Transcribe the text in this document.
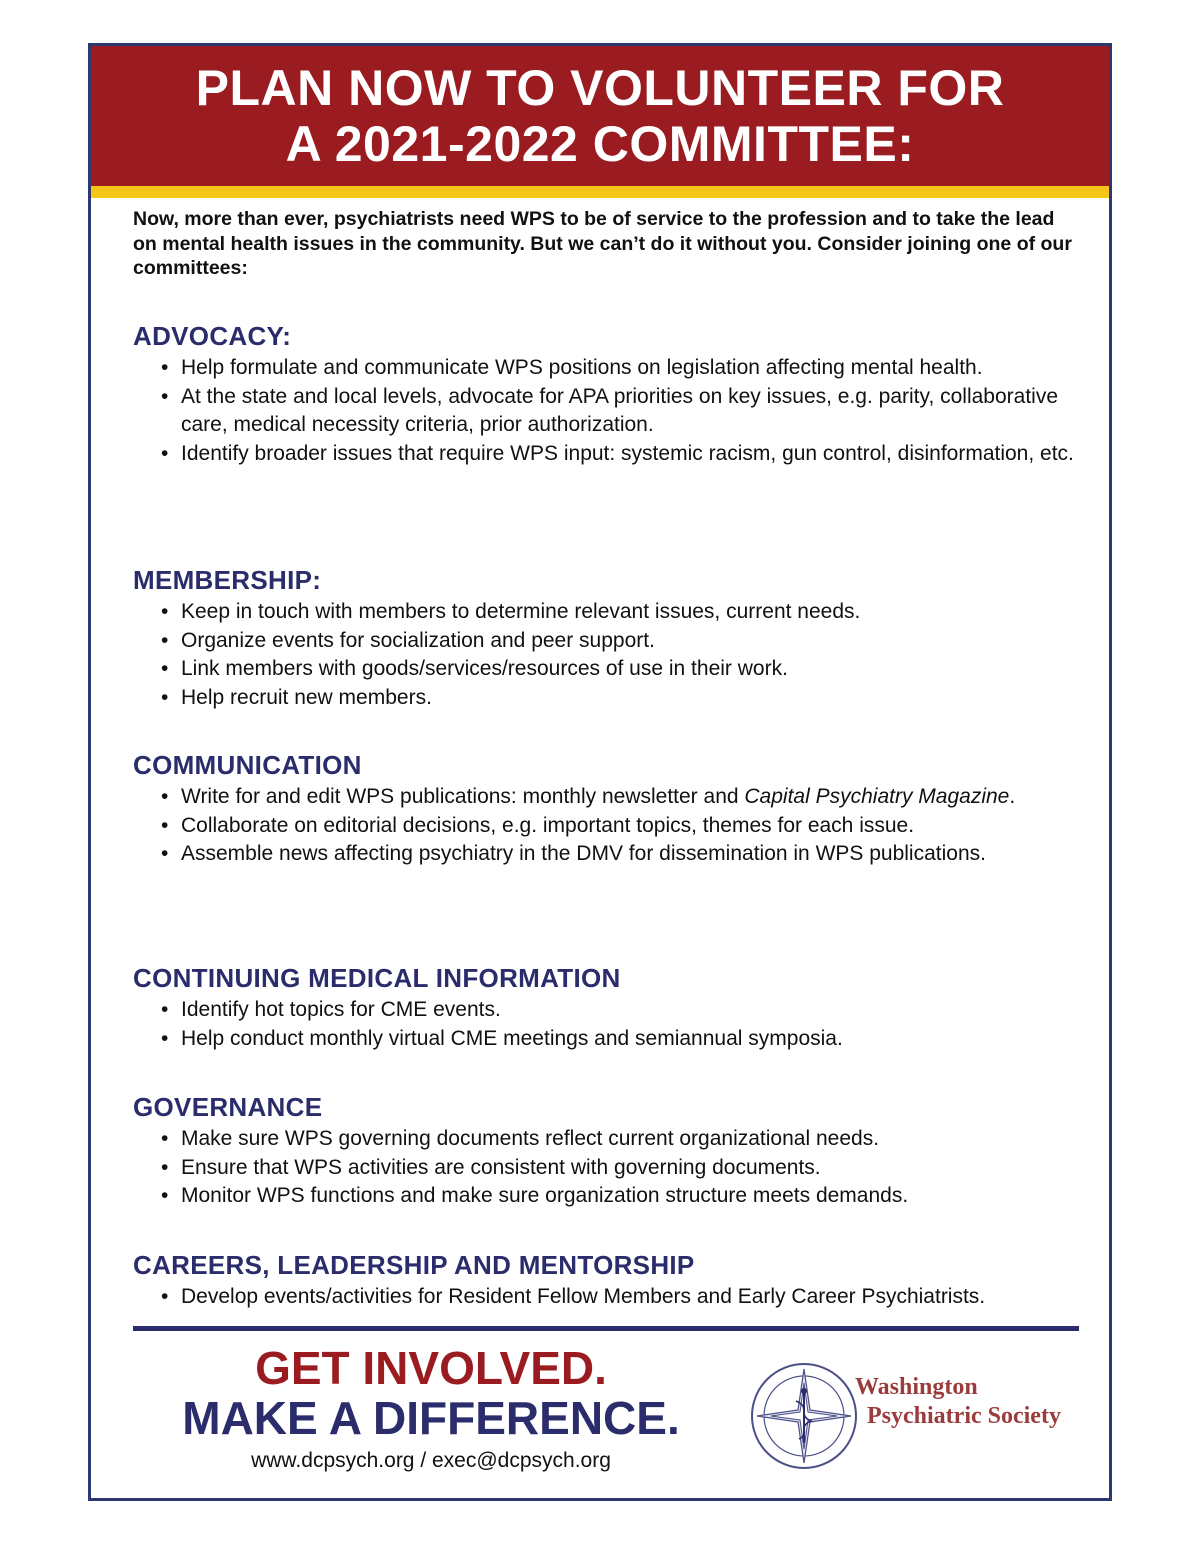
PLAN NOW TO VOLUNTEER FOR
A 2021-2022 COMMITTEE:
Now, more than ever, psychiatrists need WPS to be of service to the profession and to take the lead on mental health issues in the community. But we can’t do it without you. Consider joining one of our committees:
ADVOCACY:
• Help formulate and communicate WPS positions on legislation affecting mental health.
• At the state and local levels, advocate for APA priorities on key issues, e.g. parity, collaborative care, medical necessity criteria, prior authorization.
• Identify broader issues that require WPS input: systemic racism, gun control, disinformation, etc.
MEMBERSHIP:
• Keep in touch with members to determine relevant issues, current needs.
• Organize events for socialization and peer support.
• Link members with goods/services/resources of use in their work.
• Help recruit new members.
COMMUNICATION
• Write for and edit WPS publications: monthly newsletter and Capital Psychiatry Magazine.
• Collaborate on editorial decisions, e.g. important topics, themes for each issue.
• Assemble news affecting psychiatry in the DMV for dissemination in WPS publications.
CONTINUING MEDICAL INFORMATION
• Identify hot topics for CME events.
• Help conduct monthly virtual CME meetings and semiannual symposia.
GOVERNANCE
• Make sure WPS governing documents reflect current organizational needs.
• Ensure that WPS activities are consistent with governing documents.
• Monitor WPS functions and make sure organization structure meets demands.
CAREERS, LEADERSHIP AND MENTORSHIP
• Develop events/activities for Resident Fellow Members and Early Career Psychiatrists.
GET INVOLVED.
MAKE A DIFFERENCE.
www.dcpsych.org / exec@dcpsych.org
Washington
Psychiatric Society
